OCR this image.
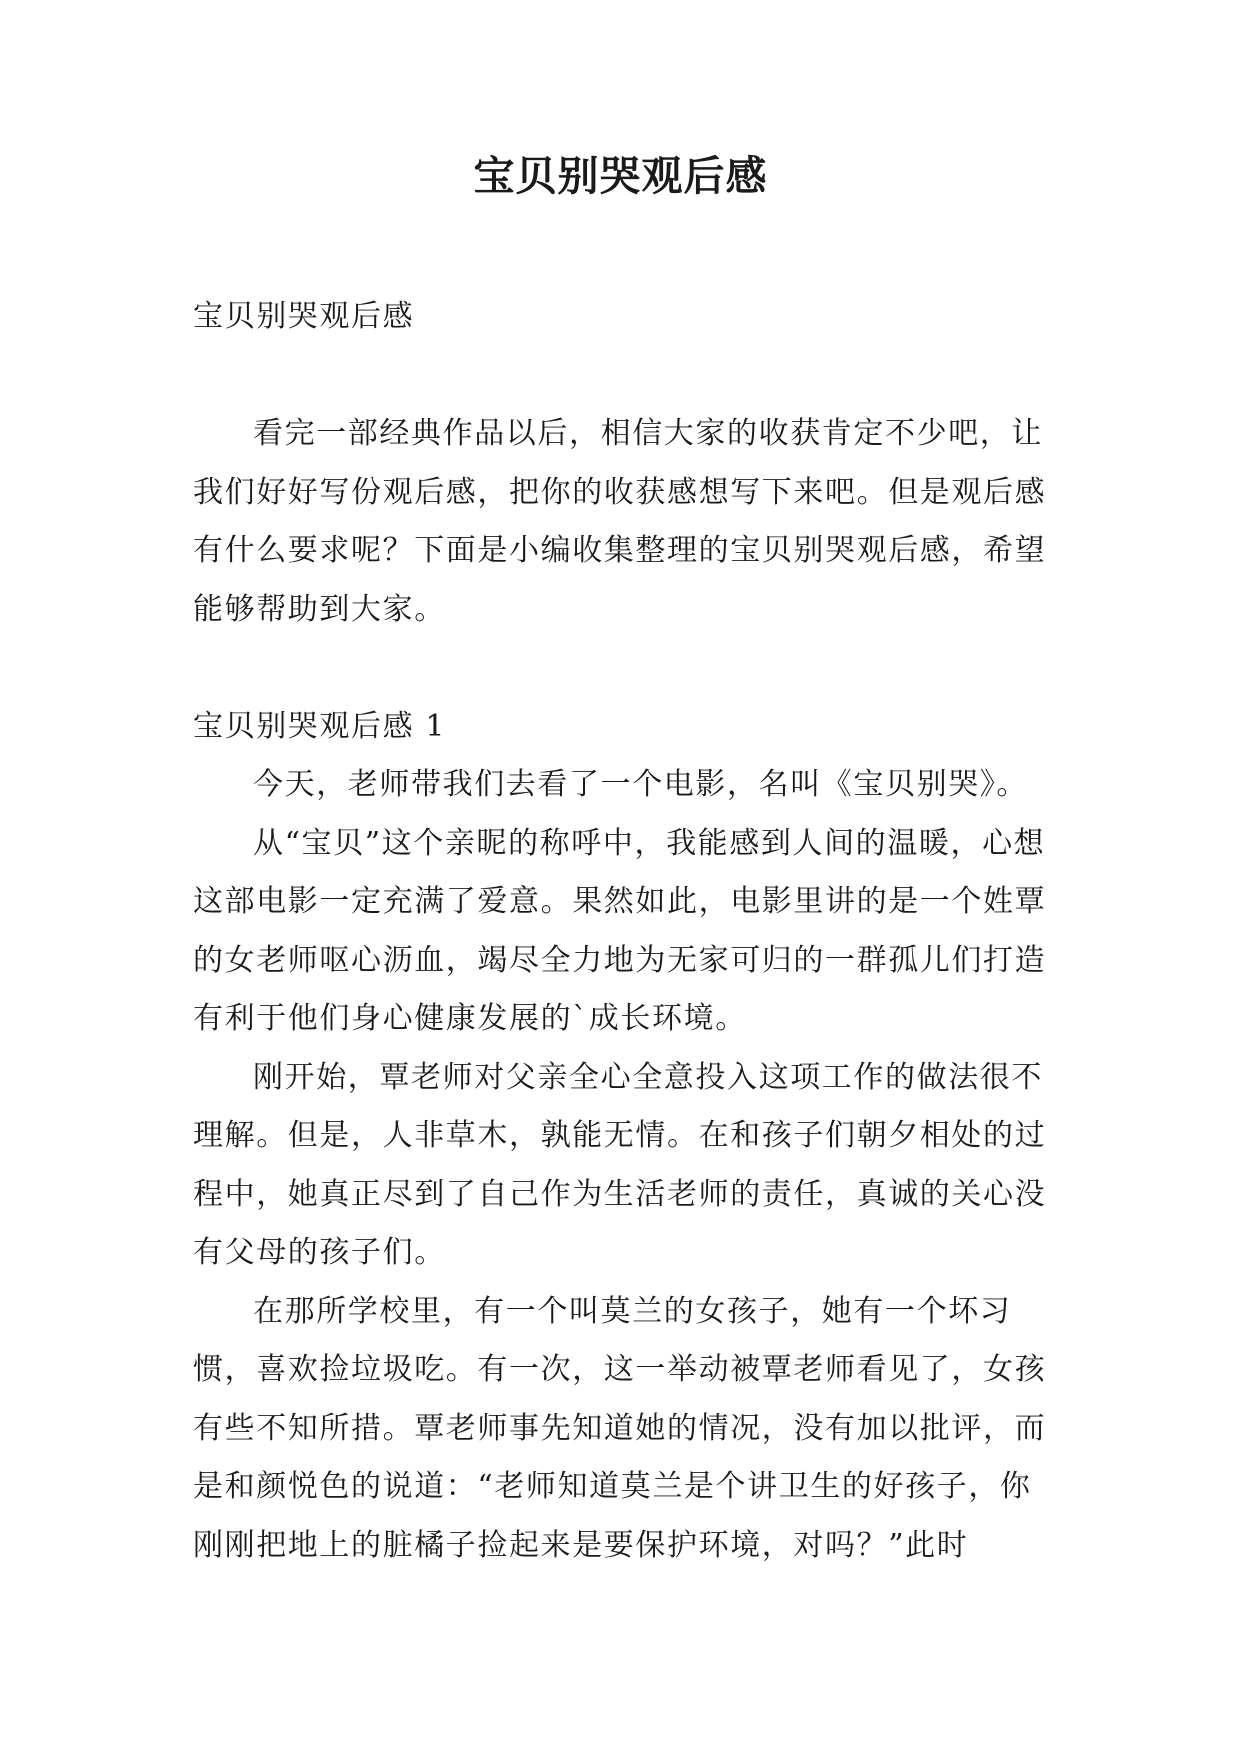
宝贝别哭观后感

宝贝别哭观后感

看完一部经典作品以后，相信大家的收获肯定不少吧，让我们好好写份观后感，把你的收获感想写下来吧。但是观后感有什么要求呢？下面是小编收集整理的宝贝别哭观后感，希望能够帮助到大家。

宝贝别哭观后感 1

今天，老师带我们去看了一个电影，名叫《宝贝别哭》。

从“宝贝”这个亲昵的称呼中，我能感到人间的温暖，心想这部电影一定充满了爱意。果然如此，电影里讲的是一个姓覃的女老师呕心沥血，竭尽全力地为无家可归的一群孤儿们打造有利于他们身心健康发展的`成长环境。

刚开始，覃老师对父亲全心全意投入这项工作的做法很不理解。但是，人非草木，孰能无情。在和孩子们朝夕相处的过程中，她真正尽到了自己作为生活老师的责任，真诚的关心没有父母的孩子们。

在那所学校里，有一个叫莫兰的女孩子，她有一个坏习惯，喜欢捡垃圾吃。有一次，这一举动被覃老师看见了，女孩有些不知所措。覃老师事先知道她的情况，没有加以批评，而是和颜悦色的说道：“老师知道莫兰是个讲卫生的好孩子，你刚刚把地上的脏橘子捡起来是要保护环境，对吗？”此时
